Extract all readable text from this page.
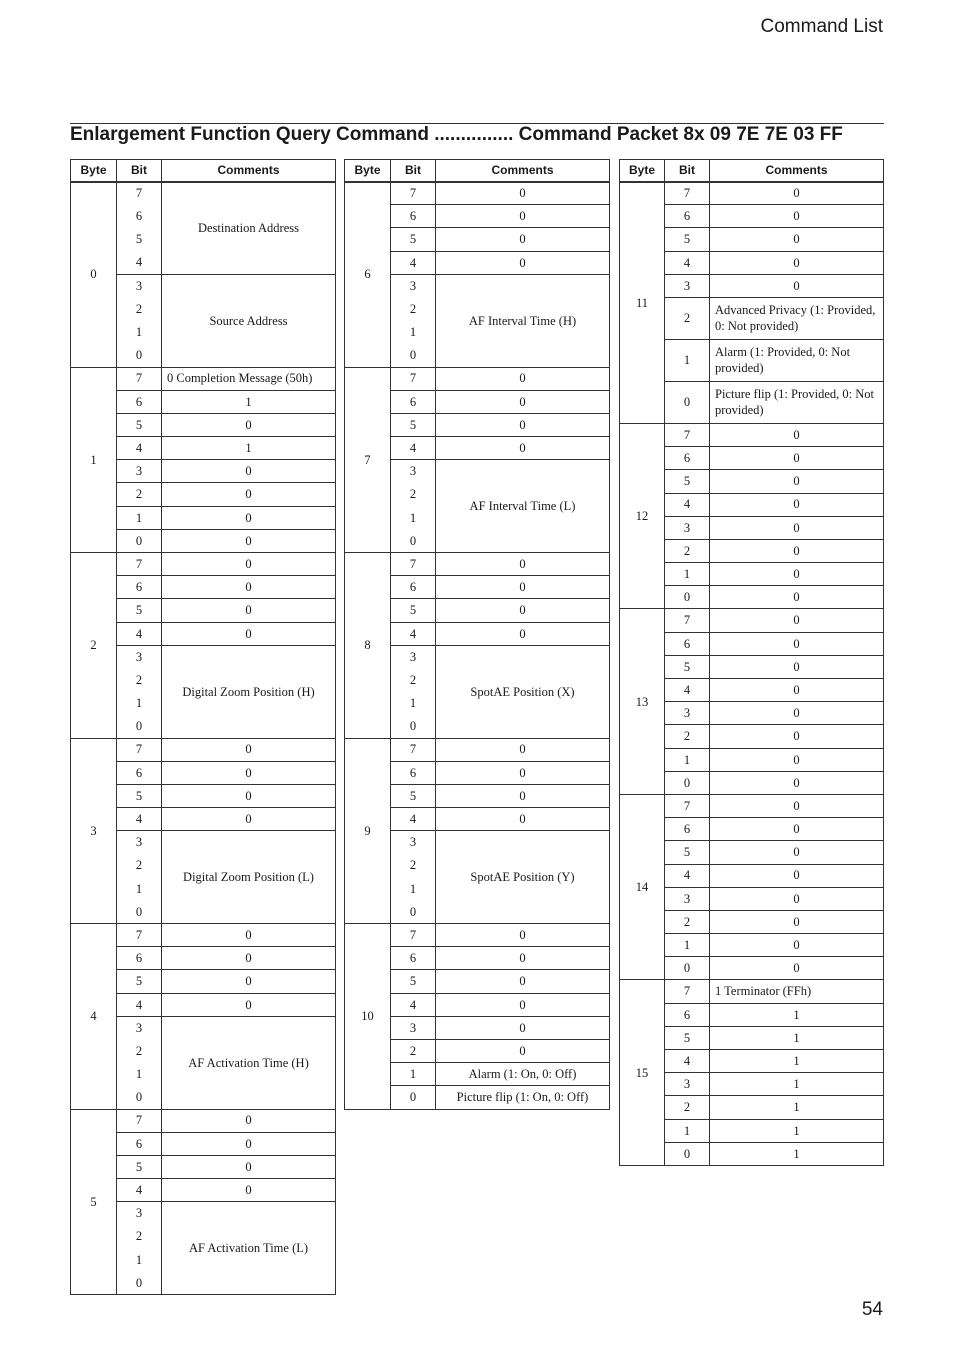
Command List
Enlargement Function Query Command ............... Command Packet 8x 09 7E 7E 03 FF
Byte	Bit	Comments
0	7	Destination Address
	6	
	5	
	4	
	3	Source Address
	2	
	1	
	0	
1	7	0 Completion Message (50h)
	6	1
	5	0
	4	1
	3	0
	2	0
	1	0
	0	0
2	7	0
	6	0
	5	0
	4	0
	3	Digital Zoom Position (H)
	2	
	1	
	0	
3	7	0
	6	0
	5	0
	4	0
	3	Digital Zoom Position (L)
	2	
	1	
	0	
4	7	0
	6	0
	5	0
	4	0
	3	AF Activation Time (H)
	2	
	1	
	0	
5	7	0
	6	0
	5	0
	4	0
	3	AF Activation Time (L)
	2	
	1	
	0	
Byte	Bit	Comments
6	7	0
	6	0
	5	0
	4	0
	3	AF Interval Time (H)
	2	
	1	
	0	
7	7	0
	6	0
	5	0
	4	0
	3	AF Interval Time (L)
	2	
	1	
	0	
8	7	0
	6	0
	5	0
	4	0
	3	SpotAE Position (X)
	2	
	1	
	0	
9	7	0
	6	0
	5	0
	4	0
	3	SpotAE Position (Y)
	2	
	1	
	0	
10	7	0
	6	0
	5	0
	4	0
	3	0
	2	0
	1	Alarm (1: On, 0: Off)
	0	Picture flip (1: On, 0: Off)
Byte	Bit	Comments
11	7	0
	6	0
	5	0
	4	0
	3	0
	2	Advanced Privacy (1: Provided, 0: Not provided)
	1	Alarm (1: Provided, 0: Not provided)
	0	Picture flip (1: Provided, 0: Not provided)
12	7	0
	6	0
	5	0
	4	0
	3	0
	2	0
	1	0
	0	0
13	7	0
	6	0
	5	0
	4	0
	3	0
	2	0
	1	0
	0	0
14	7	0
	6	0
	5	0
	4	0
	3	0
	2	0
	1	0
	0	0
15	7	1 Terminator (FFh)
	6	1
	5	1
	4	1
	3	1
	2	1
	1	1
	0	1
54
